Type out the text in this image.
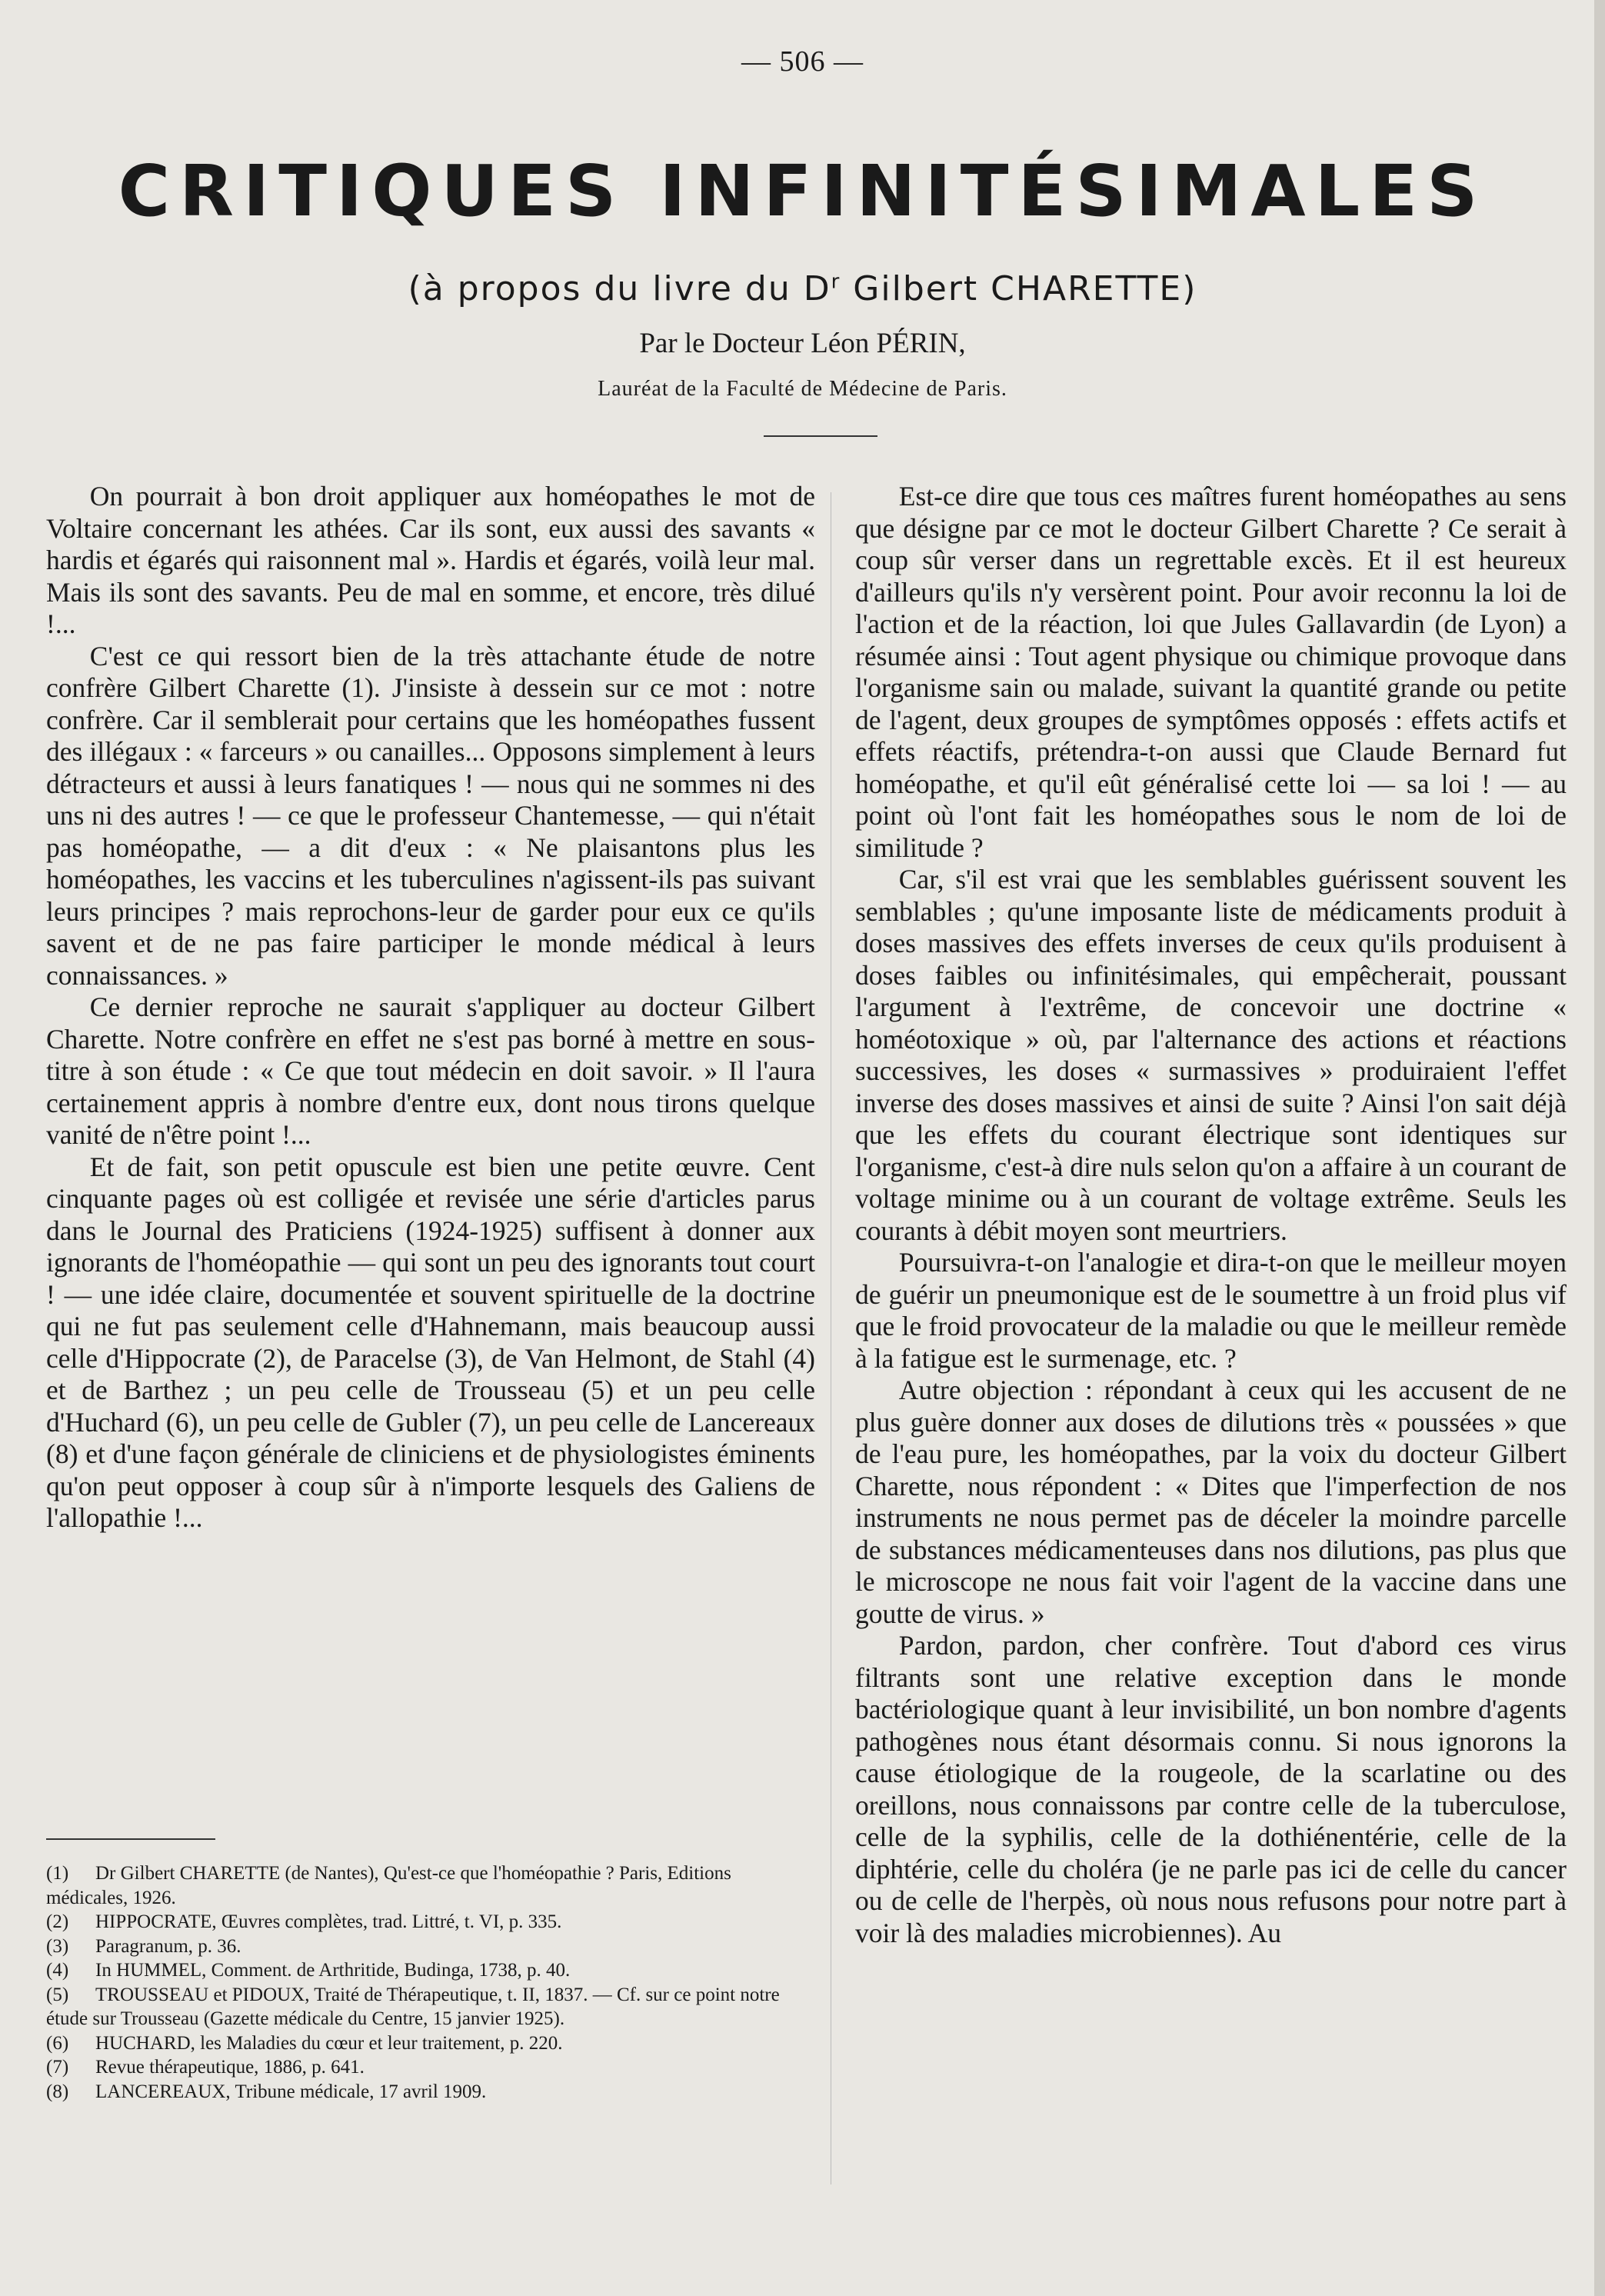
— 506 —
CRITIQUES INFINITÉSIMALES
(à propos du livre du $D^r$ Gilbert CHARETTE)
Par le Docteur Léon PÉRIN,
Lauréat de la Faculté de Médecine de Paris.

On pourrait à bon droit appliquer aux homéopathes le mot de Voltaire concernant les athées. Car ils sont, eux aussi des savants « hardis et égarés qui raisonnent mal ». Hardis et égarés, voilà leur mal. Mais ils sont des savants. Peu de mal en somme, et encore, très dilué !...

C'est ce qui ressort bien de la très attachante étude de notre confrère Gilbert Charette (1). J'insiste à dessein sur ce mot : notre confrère. Car il semblerait pour certains que les homéopathes fussent des illégaux : « farceurs » ou canailles... Opposons simplement à leurs détracteurs et aussi à leurs fanatiques ! — nous qui ne sommes ni des uns ni des autres ! — ce que le professeur Chantemesse, — qui n'était pas homéopathe, — a dit d'eux : « Ne plaisantons plus les homéopathes, les vaccins et les tuberculines n'agissent-ils pas suivant leurs principes ? mais reprochons-leur de garder pour eux ce qu'ils savent et de ne pas faire participer le monde médical à leurs connaissances. »

Ce dernier reproche ne saurait s'appliquer au docteur Gilbert Charette. Notre confrère en effet ne s'est pas borné à mettre en sous-titre à son étude : « Ce que tout médecin en doit savoir. » Il l'aura certainement appris à nombre d'entre eux, dont nous tirons quelque vanité de n'être point !...

Et de fait, son petit opuscule est bien une petite œuvre. Cent cinquante pages où est colligée et revisée une série d'articles parus dans le Journal des Praticiens (1924-1925) suffisent à donner aux ignorants de l'homéopathie — qui sont un peu des ignorants tout court ! — une idée claire, documentée et souvent spirituelle de la doctrine qui ne fut pas seulement celle d'Hahnemann, mais beaucoup aussi celle d'Hippocrate (2), de Paracelse (3), de Van Helmont, de Stahl (4) et de Barthez ; un peu celle de Trousseau (5) et un peu celle d'Huchard (6), un peu celle de Gubler (7), un peu celle de Lancereaux (8) et d'une façon générale de cliniciens et de physiologistes éminents qu'on peut opposer à coup sûr à n'importe lesquels des Galiens de l'allopathie !...

(1) Dr Gilbert CHARETTE (de Nantes), Qu'est-ce que l'homéopathie ? Paris, Editions médicales, 1926.

(2) HIPPOCRATE, Œuvres complètes, trad. Littré, t. VI, p. 335.

(3) Paragranum, p. 36.

(4) In HUMMEL, Comment. de Arthritide, Budinga, 1738, p. 40.

(5) TROUSSEAU et PIDOUX, Traité de Thérapeutique, t. II, 1837. — Cf. sur ce point notre étude sur Trousseau (Gazette médicale du Centre, 15 janvier 1925).

(6) HUCHARD, les Maladies du cœur et leur traitement, p. 220.

(7) Revue thérapeutique, 1886, p. 641.

(8) LANCEREAUX, Tribune médicale, 17 avril 1909.

Est-ce dire que tous ces maîtres furent homéopathes au sens que désigne par ce mot le docteur Gilbert Charette ? Ce serait à coup sûr verser dans un regrettable excès. Et il est heureux d'ailleurs qu'ils n'y versèrent point. Pour avoir reconnu la loi de l'action et de la réaction, loi que Jules Gallavardin (de Lyon) a résumée ainsi : Tout agent physique ou chimique provoque dans l'organisme sain ou malade, suivant la quantité grande ou petite de l'agent, deux groupes de symptômes opposés : effets actifs et effets réactifs, prétendra-t-on aussi que Claude Bernard fut homéopathe, et qu'il eût généralisé cette loi — sa loi ! — au point où l'ont fait les homéopathes sous le nom de loi de similitude ?

Car, s'il est vrai que les semblables guérissent souvent les semblables ; qu'une imposante liste de médicaments produit à doses massives des effets inverses de ceux qu'ils produisent à doses faibles ou infinitésimales, qui empêcherait, poussant l'argument à l'extrême, de concevoir une doctrine « homéotoxique » où, par l'alternance des actions et réactions successives, les doses « surmassives » produiraient l'effet inverse des doses massives et ainsi de suite ? Ainsi l'on sait déjà que les effets du courant électrique sont identiques sur l'organisme, c'est-à dire nuls selon qu'on a affaire à un courant de voltage minime ou à un courant de voltage extrême. Seuls les courants à débit moyen sont meurtriers.

Poursuivra-t-on l'analogie et dira-t-on que le meilleur moyen de guérir un pneumonique est de le soumettre à un froid plus vif que le froid provocateur de la maladie ou que le meilleur remède à la fatigue est le surmenage, etc. ?

Autre objection : répondant à ceux qui les accusent de ne plus guère donner aux doses de dilutions très « poussées » que de l'eau pure, les homéopathes, par la voix du docteur Gilbert Charette, nous répondent : « Dites que l'imperfection de nos instruments ne nous permet pas de déceler la moindre parcelle de substances médicamenteuses dans nos dilutions, pas plus que le microscope ne nous fait voir l'agent de la vaccine dans une goutte de virus. »

Pardon, pardon, cher confrère. Tout d'abord ces virus filtrants sont une relative exception dans le monde bactériologique quant à leur invisibilité, un bon nombre d'agents pathogènes nous étant désormais connu. Si nous ignorons la cause étiologique de la rougeole, de la scarlatine ou des oreillons, nous connaissons par contre celle de la tuberculose, celle de la syphilis, celle de la dothiénentérie, celle de la diphtérie, celle du choléra (je ne parle pas ici de celle du cancer ou de celle de l'herpès, où nous nous refusons pour notre part à voir là des maladies microbiennes). Au
